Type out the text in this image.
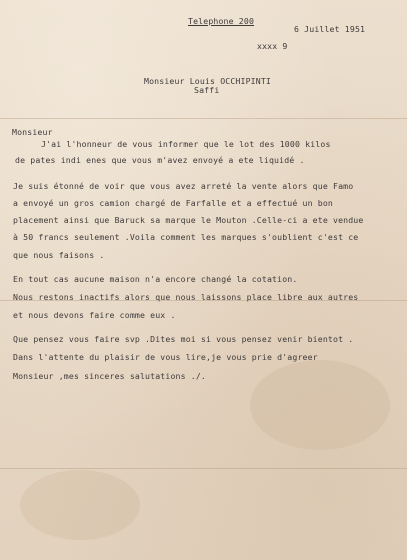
Telephone 200
6 Juillet 1951
xxxx 9
Monsieur Louis OCCHIPINTI
Saffi
Monsieur
J'ai l'honneur de vous informer que le lot des 1000 kilos
de pates indi enes que vous m'avez envoyé a ete liquidé .
Je suis étonné de voir que vous avez arreté la vente alors que Famo
a envoyé un gros camion chargé de Farfalle et a effectué un bon
placement ainsi que Baruck sa marque le Mouton .Celle-ci a ete vendue
à 50 francs seulement .Voila comment les marques s'oublient c'est ce
que nous faisons .
En tout cas aucune maison n'a encore changé la cotation.
Nous restons inactifs alors que nous laissons place libre aux autres
et nous devons faire comme eux .
Que pensez vous faire svp .Dites moi si vous pensez venir bientot .
Dans l'attente du plaisir de vous lire,je vous prie d'agreer
Monsieur ,mes sinceres salutations ./.
